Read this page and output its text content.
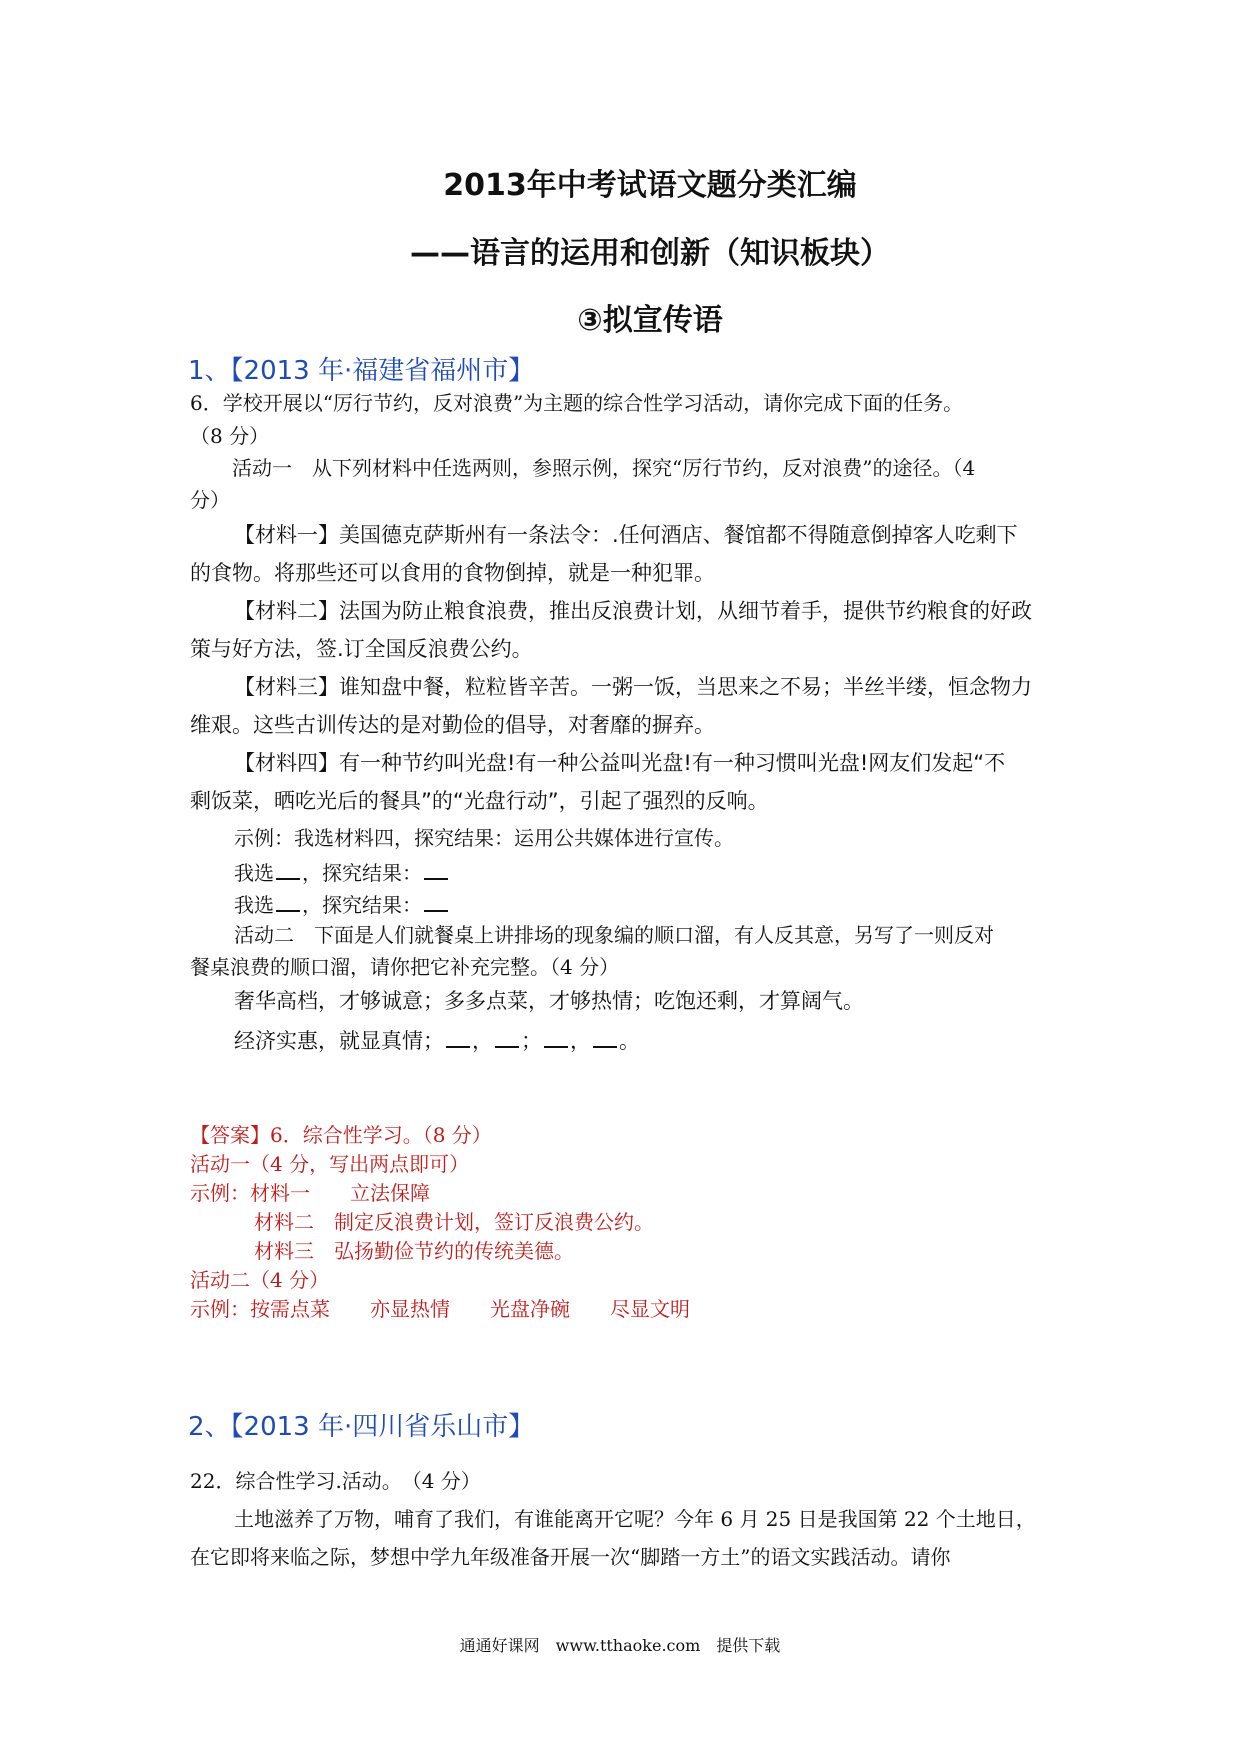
2013年中考试语文题分类汇编
——语言的运用和创新（知识板块）
③拟宣传语
1、【2013 年·福建省福州市】
6．学校开展以“厉行节约，反对浪费”为主题的综合性学习活动，请你完成下面的任务。
（8 分）
活动一　从下列材料中任选两则，参照示例，探究“厉行节约，反对浪费”的途径。（4
分）
【材料一】美国德克萨斯州有一条法令：.任何酒店、餐馆都不得随意倒掉客人吃剩下
的食物。将那些还可以食用的食物倒掉，就是一种犯罪。
【材料二】法国为防止粮食浪费，推出反浪费计划，从细节着手，提供节约粮食的好政
策与好方法，签.订全国反浪费公约。
【材料三】谁知盘中餐，粒粒皆辛苦。一粥一饭，当思来之不易；半丝半缕，恒念物力
维艰。这些古训传达的是对勤俭的倡导，对奢靡的摒弃。
【材料四】有一种节约叫光盘!有一种公益叫光盘!有一种习惯叫光盘!网友们发起“不
剩饭菜，晒吃光后的餐具”的“光盘行动”，引起了强烈的反响。
示例：我选材料四，探究结果：运用公共媒体进行宣传。
我选 ，探究结果：
我选 ，探究结果：
活动二　下面是人们就餐桌上讲排场的现象编的顺口溜，有人反其意，另写了一则反对
餐桌浪费的顺口溜，请你把它补充完整。（4 分）
奢华高档，才够诚意；多多点菜，才够热情；吃饱还剩，才算阔气。
经济实惠，就显真情； ， ； ， 。
【答案】6．综合性学习。（8 分）
活动一（4 分，写出两点即可）
示例：材料一　　立法保障
材料二　制定反浪费计划，签订反浪费公约。
材料三　弘扬勤俭节约的传统美德。
活动二（4 分）
示例：按需点菜　　亦显热情　　光盘净碗　　尽显文明
2、【2013 年·四川省乐山市】
22．综合性学习.活动。　（4 分）
土地滋养了万物，哺育了我们，有谁能离开它呢？今年 6 月 25 日是我国第 22 个土地日，
在它即将来临之际，梦想中学九年级准备开展一次“脚踏一方土”的语文实践活动。请你
通通好课网　www.tthaoke.com　提供下载
